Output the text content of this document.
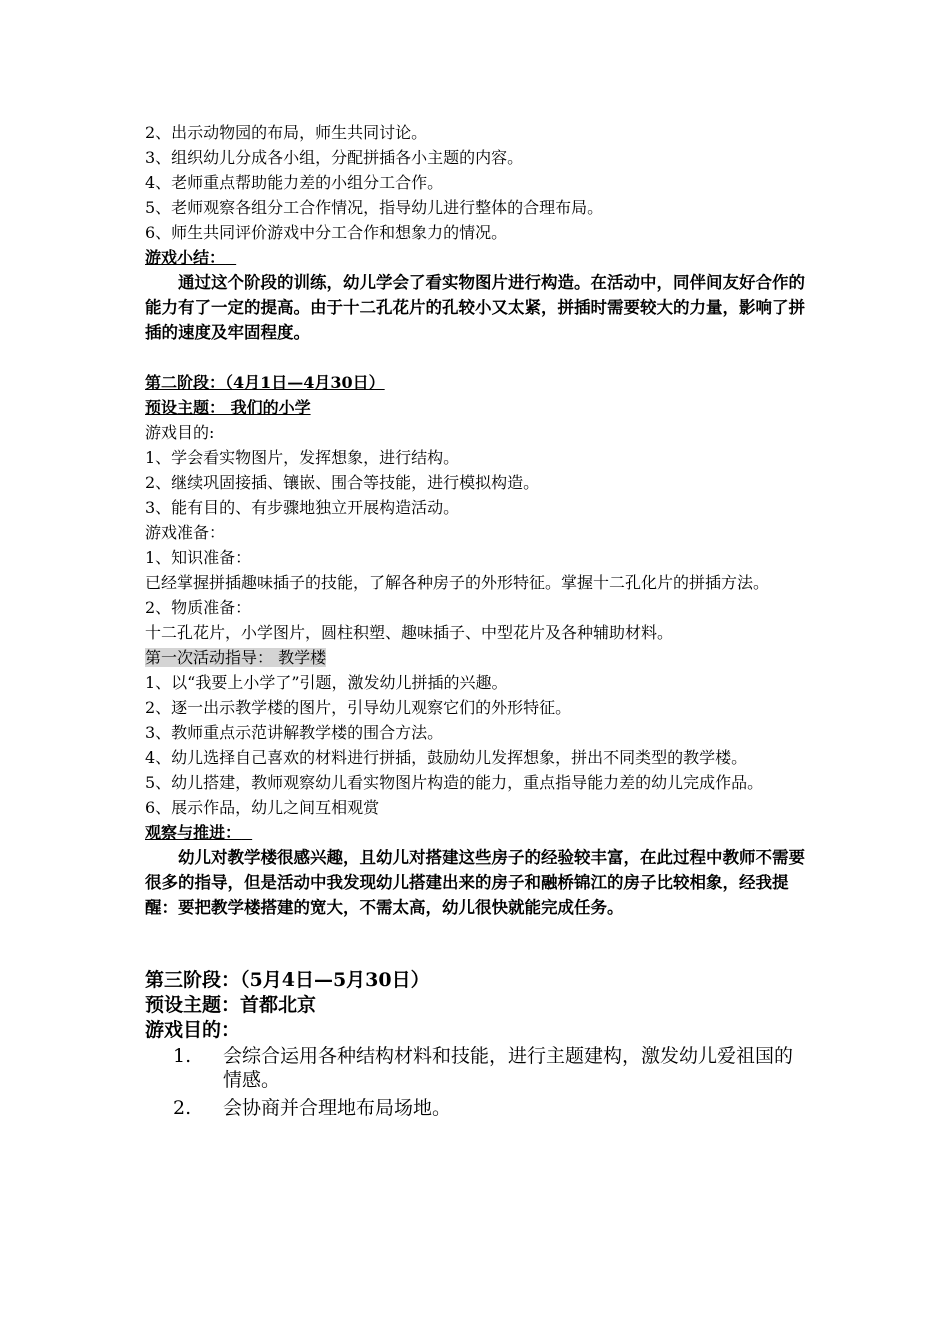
2、出示动物园的布局，师生共同讨论。
3、组织幼儿分成各小组，分配拼插各小主题的内容。
4、老师重点帮助能力差的小组分工合作。
5、老师观察各组分工合作情况，指导幼儿进行整体的合理布局。
6、师生共同评价游戏中分工合作和想象力的情况。
游戏小结：
通过这个阶段的训练，幼儿学会了看实物图片进行构造。在活动中，同伴间友好合作的能力有了一定的提高。由于十二孔花片的孔较小又太紧，拼插时需要较大的力量，影响了拼插的速度及牢固程度。
第二阶段：（4月1日—4月30日）
预设主题： 我们的小学
游戏目的:
1、学会看实物图片，发挥想象，进行结构。
2、继续巩固接插、镶嵌、围合等技能，进行模拟构造。
3、能有目的、有步骤地独立开展构造活动。
游戏准备：
1、知识准备：
已经掌握拼插趣味插子的技能，了解各种房子的外形特征。掌握十二孔化片的拼插方法。
2、物质准备：
十二孔花片，小学图片，圆柱积塑、趣味插子、中型花片及各种辅助材料。
第一次活动指导： 教学楼
1、以“我要上小学了”引题，激发幼儿拼插的兴趣。
2、逐一出示教学楼的图片，引导幼儿观察它们的外形特征。
3、教师重点示范讲解教学楼的围合方法。
4、幼儿选择自己喜欢的材料进行拼插，鼓励幼儿发挥想象，拼出不同类型的教学楼。
5、幼儿搭建，教师观察幼儿看实物图片构造的能力，重点指导能力差的幼儿完成作品。
6、展示作品，幼儿之间互相观赏
观察与推进：
幼儿对教学楼很感兴趣，且幼儿对搭建这些房子的经验较丰富，在此过程中教师不需要很多的指导，但是活动中我发现幼儿搭建出来的房子和融桥锦江的房子比较相象，经我提醒：要把教学楼搭建的宽大，不需太高，幼儿很快就能完成任务。
第三阶段：（5月4日—5月30日）
预设主题：首都北京
游戏目的：
1.	会综合运用各种结构材料和技能，进行主题建构，激发幼儿爱祖国的情感。
2.	会协商并合理地布局场地。
